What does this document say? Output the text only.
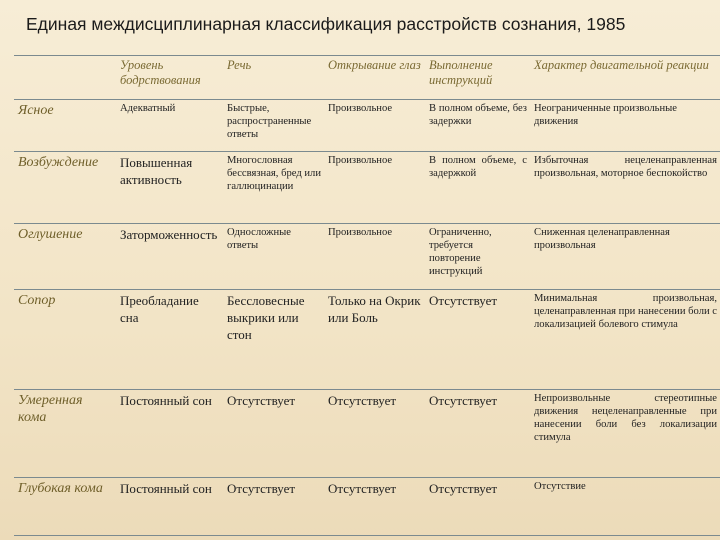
Единая междисциплинарная классификация расстройств сознания, 1985
	Уровень бодрствования	Речь	Открывание глаз	Выполнение инструкций	Характер двигательной реакции
Ясное	Адекватный	Быстрые, распространенные ответы	Произвольное	В полном объеме, без задержки	Неограниченные произвольные движения
Возбуждение	Повышенная активность	Многословная бессвязная, бред или галлюцинации	Произвольное	В полном объеме, с задержкой	Избыточная нецеленаправленная произвольная, моторное беспокойство
Оглушение	Заторможенность	Односложные ответы	Произвольное	Ограниченно, требуется повторение инструкций	Сниженная целенаправленная произвольная
Сопор	Преобладание сна	Бессловесные выкрики или стон	Только на Окрик или Боль	Отсутствует	Минимальная произвольная, целенаправленная при нанесении боли с локализацией болевого стимула
Умеренная кома	Постоянный сон	Отсутствует	Отсутствует	Отсутствует	Непроизвольные стереотипные движения нецеленаправленные при нанесении боли без локализации стимула
Глубокая кома	Постоянный сон	Отсутствует	Отсутствует	Отсутствует	Отсутствие
